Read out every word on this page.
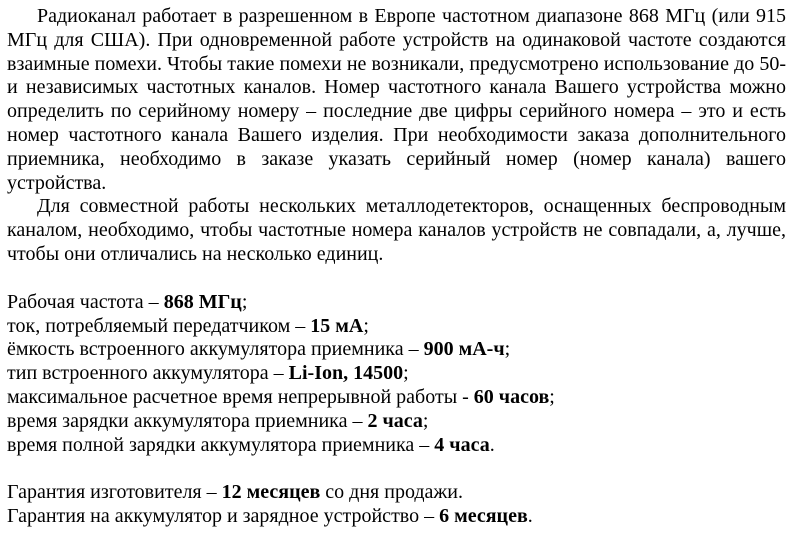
Радиоканал работает в разрешенном в Европе частотном диапазоне 868 МГц (или 915 МГц для США). При одновременной работе устройств на одинаковой частоте создаются взаимные помехи. Чтобы такие помехи не возникали, предусмотрено использование до 50-и независимых частотных каналов. Номер частотного канала Вашего устройства можно определить по серийному номеру – последние две цифры серийного номера – это и есть номер частотного канала Вашего изделия. При необходимости заказа дополнительного приемника, необходимо в заказе указать серийный номер (номер канала) вашего устройства.

Для совместной работы нескольких металлодетекторов, оснащенных беспроводным каналом, необходимо, чтобы частотные номера каналов устройств не совпадали, а, лучше, чтобы они отличались на несколько единиц.

Рабочая частота – 868 МГц;
ток, потребляемый передатчиком – 15 мА;
ёмкость встроенного аккумулятора приемника – 900 мА-ч;
тип встроенного аккумулятора – Li-Ion, 14500;
максимальное расчетное время непрерывной работы - 60 часов;
время зарядки аккумулятора приемника – 2 часа;
время полной зарядки аккумулятора приемника – 4 часа.
Гарантия изготовителя – 12 месяцев со дня продажи.
Гарантия на аккумулятор и зарядное устройство – 6 месяцев.
